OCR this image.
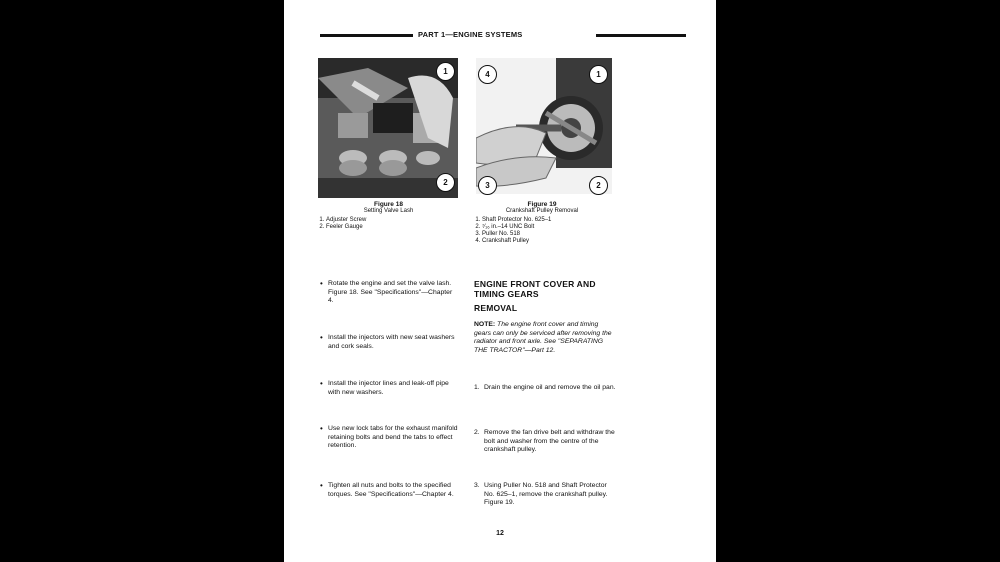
PART 1—ENGINE SYSTEMS
1
2
Figure 18
Setting Valve Lash
1. Adjuster Screw
2. Feeler Gauge
4	1
3	2
Figure 19
Crankshaft Pulley Removal
1. Shaft Protector No. 625–1
2. ⁷⁄₁₆ in.–14 UNC Bolt
3. Puller No. 518
4. Crankshaft Pulley
• Rotate the engine and set the valve lash. Figure 18. See "Specifications"—Chapter 4.
• Install the injectors with new seat washers and cork seals.
• Install the injector lines and leak-off pipe with new washers.
• Use new lock tabs for the exhaust manifold retaining bolts and bend the tabs to effect retention.
• Tighten all nuts and bolts to the specified torques. See "Specifications"—Chapter 4.
ENGINE FRONT COVER AND TIMING GEARS
REMOVAL
NOTE: The engine front cover and timing gears can only be serviced after removing the radiator and front axle. See "SEPARATING THE TRACTOR"—Part 12.
1. Drain the engine oil and remove the oil pan.
2. Remove the fan drive belt and withdraw the bolt and washer from the centre of the crankshaft pulley.
3. Using Puller No. 518 and Shaft Protector No. 625–1, remove the crankshaft pulley. Figure 19.
12
